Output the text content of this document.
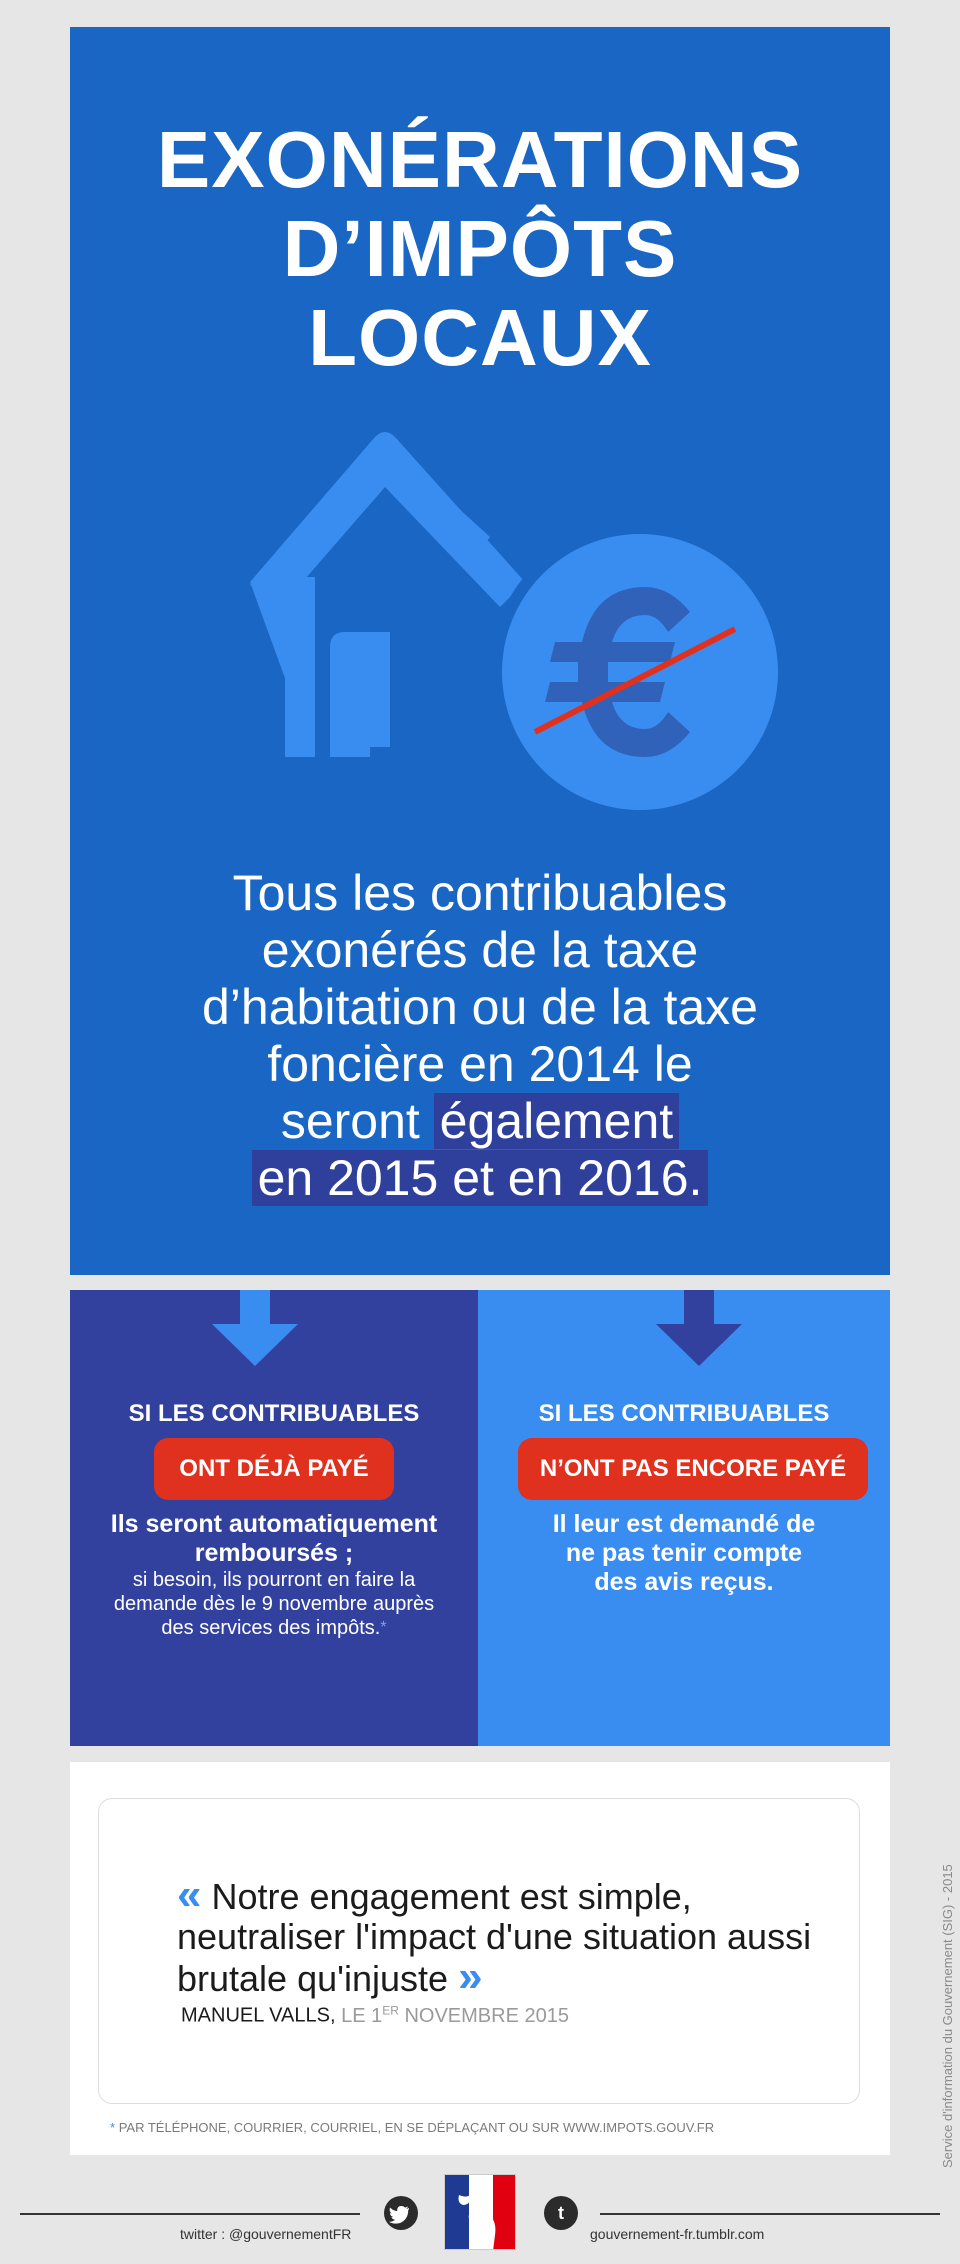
EXONÉRATIONS
D’IMPÔTS
LOCAUX
Tous les contribuables
exonérés de la taxe
d’habitation ou de la taxe
foncière en 2014 le
seront également
en 2015 et en 2016.
SI LES CONTRIBUABLES
ONT DÉJÀ PAYÉ
Ils seront automatiquement remboursés ;
si besoin, ils pourront en faire la demande dès le 9 novembre auprès des services des impôts.*
SI LES CONTRIBUABLES
N’ONT PAS ENCORE PAYÉ
Il leur est demandé de ne pas tenir compte des avis reçus.
« Notre engagement est simple, neutraliser l'impact d'une situation aussi brutale qu'injuste »
MANUEL VALLS, LE 1ER NOVEMBRE 2015
* PAR TÉLÉPHONE, COURRIER, COURRIEL, EN SE DÉPLAÇANT OU SUR WWW.IMPOTS.GOUV.FR	Service d'information du Gouvernement (SIG) - 2015
twitter : @gouvernementFR
t
gouvernement-fr.tumblr.com
